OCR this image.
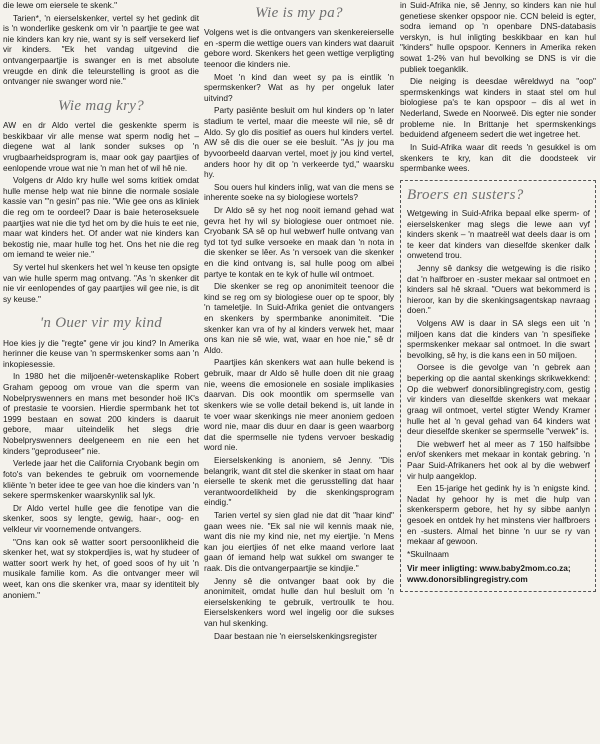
die lewe om eiersele te skenk."

Tarien*, 'n eierselskenker, vertel sy het gedink dit is 'n wonderlike geskenk om vir 'n paartjie te gee wat nie kinders kan kry nie, want sy is self versekerd lief vir kinders. "Ek het vandag uitgevind die ontvangerpaartjie is swanger en is met absolute vreugde en dink die teleurstelling is groot as die ontvanger nie swanger word nie."

Wie mag kry?

AW en dr Aldo vertel die geskenkte sperm is beskikbaar vir alle mense wat sperm nodig het – diegene wat al lank sonder sukses op 'n vrugbaarheidsprogram is, maar ook gay paartjies of eenlopende vroue wat nie 'n man het of wil hê nie.

Volgens dr Aldo kry hulle wel soms kritiek omdat hulle mense help wat nie binne die normale sosiale kassie van "'n gesin" pas nie. "Wie gee ons as kliniek die reg om te oordeel? Daar is baie heteroseksuele paartjies wat nie die tyd het om by die huis te eet nie, maar wat kinders het. Of ander wat nie kinders kan bekostig nie, maar hulle tog het. Ons het nie die reg om iemand te weier nie."

Sy vertel hul skenkers het wel 'n keuse ten opsigte van wie hulle sperm mag ontvang. "As 'n skenker dit nie vir eenlopendes of gay paartjies wil gee nie, is dit sy keuse."

'n Ouer vir my kind

Hoe kies jy die "regte" gene vir jou kind? In Amerika herinner die keuse van 'n spermskenker soms aan 'n inkopiesessie.

In 1980 het die miljoenêr-wetenskaplike Robert Graham gepoog om vroue van die sperm van Nobelpryswenners en mans met besonder hoë IK's of prestasie te voorsien. Hierdie spermbank het tot 1999 bestaan en sowat 200 kinders is daaruit gebore, maar uiteindelik het slegs drie Nobelpryswenners deelgeneem en nie een het kinders "geproduseer" nie.

Verlede jaar het die California Cryobank begin om foto's van bekendes te gebruik om voornemende kliënte 'n beter idee te gee van hoe die kinders van 'n sekere spermskenker waarskynlik sal lyk.

Dr Aldo vertel hulle gee die fenotipe van die skenker, soos sy lengte, gewig, haar-, oog- en velkleur vir voornemende ontvangers.

"Ons kan ook sê watter soort persoonlikheid die skenker het, wat sy stokperdjies is, wat hy studeer of watter soort werk hy het, of goed soos of hy uit 'n musikale familie kom. As die ontvanger meer wil weet, kan ons die skenker vra, maar sy identiteit bly anoniem."

Wie is my pa?

Volgens wet is die ontvangers van skenkereierselle en -sperm die wettige ouers van kinders wat daaruit gebore word. Skenkers het geen wettige verpligting teenoor die kinders nie.

Moet 'n kind dan weet sy pa is eintlik 'n spermskenker? Wat as hy per ongeluk later uitvind?

Party pasiënte besluit om hul kinders op 'n later stadium te vertel, maar die meeste wil nie, sê dr Aldo. Sy glo dis positief as ouers hul kinders vertel. AW sê dis die ouer se eie besluit. "As jy jou ma byvoorbeeld daarvan vertel, moet jy jou kind vertel, anders hoor hy dit op 'n verkeerde tyd," waarsku hy.

Sou ouers hul kinders inlig, wat van die mens se inherente soeke na sy biologiese wortels?

Dr Aldo sê sy het nog nooit iemand gehad wat gevra het hy wil sy biologiese ouer ontmoet nie. Cryobank SA sê op hul webwerf hulle ontvang van tyd tot tyd sulke versoeke en maak dan 'n nota in die skenker se lêer. As 'n versoek van die skenker en die kind ontvang is, sal hulle poog om albei partye te kontak en te kyk of hulle wil ontmoet.

Die skenker se reg op anonimiteit teenoor die kind se reg om sy biologiese ouer op te spoor, bly 'n tameletjie. In Suid-Afrika geniet die ontvangers en skenkers by spermbanke anonimiteit. "Die skenker kan vra of hy al kinders verwek het, maar ons kan nie sê wie, wat, waar en hoe nie," sê dr Aldo.

Paartjies kán skenkers wat aan hulle bekend is gebruik, maar dr Aldo sê hulle doen dit nie graag nie, weens die emosionele en sosiale implikasies daarvan. Dis ook moontlik om spermselle van skenkers wie se volle detail bekend is, uit lande in te voer waar skenkings nie meer anoniem gedoen word nie, maar dis duur en daar is geen waarborg dat die spermselle nie tydens vervoer beskadig word nie.

Eierselskenking is anoniem, sê Jenny. "Dis belangrik, want dit stel die skenker in staat om haar eierselle te skenk met die gerusstelling dat haar verantwoordelikheid by die skenkingsprogram eindig."

Tarien vertel sy sien glad nie dat dit "haar kind" gaan wees nie. "Ek sal nie wil kennis maak nie, want dis nie my kind nie, net my eiertjie. 'n Mens kan jou eiertjies óf net elke maand verlore laat gaan óf iemand help wat sukkel om swanger te raak. Dis die ontvangerpaartjie se kindjie."

Jenny sê die ontvanger baat ook by die anonimiteit, omdat hulle dan hul besluit om 'n eierselskenking te gebruik, vertroulik te hou. Eierselskenkers word wel ingelig oor die sukses van hul skenking.

Daar bestaan nie 'n eierselskenkingsregister

in Suid-Afrika nie, sê Jenny, so kinders kan nie hul genetiese skenker opspoor nie. CCN beleid is egter, sodra iemand op 'n openbare DNS-databasis verskyn, is hul inligting beskikbaar en kan hul "kinders" hulle opspoor. Kenners in Amerika reken sowat 1-2% van hul bevolking se DNS is vir die publiek toeganklik.

Die neiging is deesdae wêreldwyd na "oop" spermskenkings wat kinders in staat stel om hul biologiese pa's te kan opspoor – dis al wet in Nederland, Swede en Noorweë. Dis egter nie sonder probleme nie. In Brittanje het spermskenkings beduidend afgeneem sedert die wet ingetree het.

In Suid-Afrika waar dit reeds 'n gesukkel is om skenkers te kry, kan dit die doodsteek vir spermbanke wees.

Broers en susters?

Wetgewing in Suid-Afrika bepaal elke sperm- of eierselskenker mag slegs die lewe aan vyf kinders skenk – 'n maatreël wat deels daar is om te keer dat kinders van dieselfde skenker dalk onwetend trou.

Jenny sê danksy die wetgewing is die risiko dat 'n halfbroer en -suster mekaar sal ontmoet en kinders sal hê skraal. "Ouers wat bekommerd is hieroor, kan by die skenkingsagentskap navraag doen."

Volgens AW is daar in SA slegs een uit 'n miljoen kans dat die kinders van 'n spesifieke spermskenker mekaar sal ontmoet. In die swart bevolking, sê hy, is die kans een in 50 miljoen.

Oorsee is die gevolge van 'n gebrek aan beperking op die aantal skenkings skrikwekkend: Op die webwerf donorsiblingregistry.com, gestig vir kinders van dieselfde skenkers wat mekaar graag wil ontmoet, vertel stigter Wendy Kramer hulle het al 'n geval gehad van 64 kinders wat deur dieselfde skenker se spermselle "verwek" is.

Die webwerf het al meer as 7 150 halfsibbe en/of skenkers met mekaar in kontak gebring. 'n Paar Suid-Afrikaners het ook al by die webwerf vir hulp aangeklop.

Een 15-jarige het gedink hy is 'n enigste kind. Nadat hy gehoor hy is met die hulp van skenkersperm gebore, het hy sy sibbe aanlyn gesoek en ontdek hy het minstens vier halfbroers en -susters. Almal het binne 'n uur se ry van mekaar af gewoon.

*Skuilnaam

Vir meer inligting: www.baby2mom.co.za; www.donorsiblingregistry.com
